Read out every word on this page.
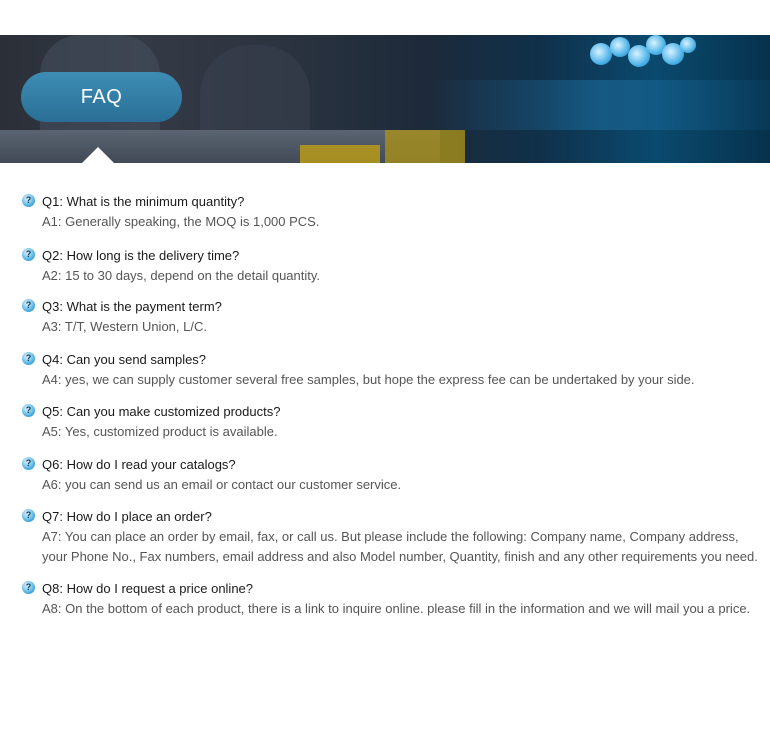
FAQ
? Q1: What is the minimum quantity?
A1: Generally speaking, the MOQ is 1,000 PCS.
? Q2: How long is the delivery time?
A2: 15 to 30 days, depend on the detail quantity.
? Q3: What is the payment term?
A3: T/T, Western Union, L/C.
? Q4: Can you send samples?
A4: yes, we can supply customer several free samples, but hope the express fee can be undertaked by your side.
? Q5: Can you make customized products?
A5: Yes, customized product is available.
? Q6: How do I read your catalogs?
A6: you can send us an email or contact our customer service.
? Q7: How do I place an order?
A7: You can place an order by email, fax, or call us. But please include the following: Company name, Company address, your Phone No., Fax numbers, email address and also Model number, Quantity, finish and any other requirements you need.
? Q8: How do I request a price online?
A8: On the bottom of each product, there is a link to inquire online. please fill in the information and we will mail you a price.
